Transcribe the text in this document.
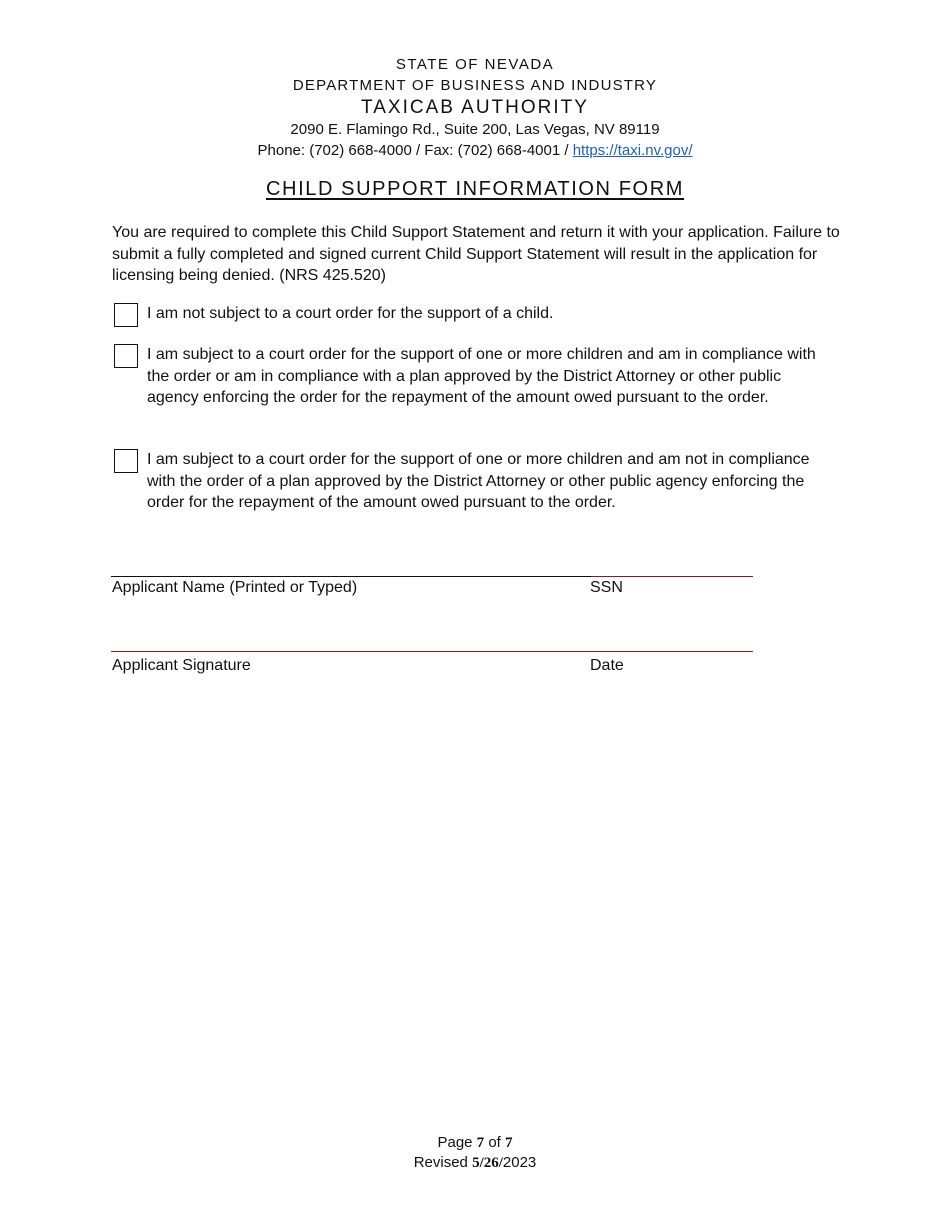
STATE OF NEVADA
DEPARTMENT OF BUSINESS AND INDUSTRY
TAXICAB AUTHORITY
2090 E. Flamingo Rd., Suite 200, Las Vegas, NV 89119
Phone: (702) 668-4000 / Fax: (702) 668-4001 / https://taxi.nv.gov/
CHILD SUPPORT INFORMATION FORM
You are required to complete this Child Support Statement and return it with your application. Failure to submit a fully completed and signed current Child Support Statement will result in the application for licensing being denied. (NRS 425.520)
I am not subject to a court order for the support of a child.
I am subject to a court order for the support of one or more children and am in compliance with the order or am in compliance with a plan approved by the District Attorney or other public agency enforcing the order for the repayment of the amount owed pursuant to the order.
I am subject to a court order for the support of one or more children and am not in compliance with the order of a plan approved by the District Attorney or other public agency enforcing the order for the repayment of the amount owed pursuant to the order.
Applicant Name (Printed or Typed)	SSN
Applicant Signature	Date
Page 7 of 7
Revised 5/26/2023
